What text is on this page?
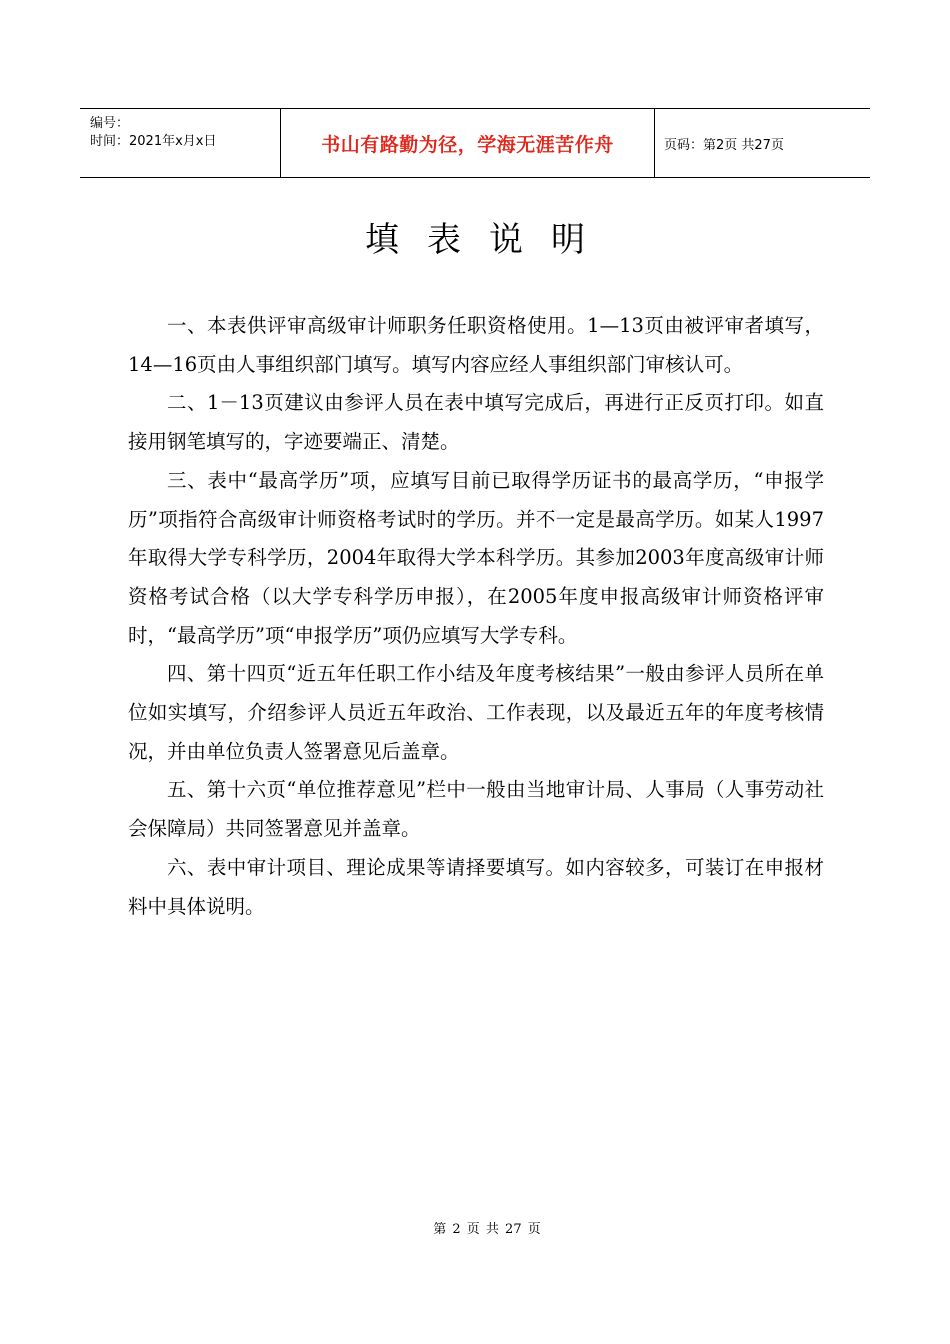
编号：
时间：2021年x月x日	书山有路勤为径，学海无涯苦作舟	页码：第2页 共27页
填表说明

一、本表供评审高级审计师职务任职资格使用。1—13页由被评审者填写， 14—16页由人事组织部门填写。填写内容应经人事组织部门审核认可。

二、1－13页建议由参评人员在表中填写完成后，再进行正反页打印。如直接用钢笔填写的，字迹要端正、清楚。

三、表中“最高学历”项，应填写目前已取得学历证书的最高学历，“申报学历”项指符合高级审计师资格考试时的学历。并不一定是最高学历。如某人1997年取得大学专科学历，2004年取得大学本科学历。其参加2003年度高级审计师资格考试合格（以大学专科学历申报），在2005年度申报高级审计师资格评审时，“最高学历”项“申报学历”项仍应填写大学专科。

四、第十四页“近五年任职工作小结及年度考核结果”一般由参评人员所在单位如实填写，介绍参评人员近五年政治、工作表现，以及最近五年的年度考核情况，并由单位负责人签署意见后盖章。

五、第十六页“单位推荐意见”栏中一般由当地审计局、人事局（人事劳动社会保障局）共同签署意见并盖章。

六、表中审计项目、理论成果等请择要填写。如内容较多，可装订在申报材料中具体说明。

第 2 页 共 27 页
